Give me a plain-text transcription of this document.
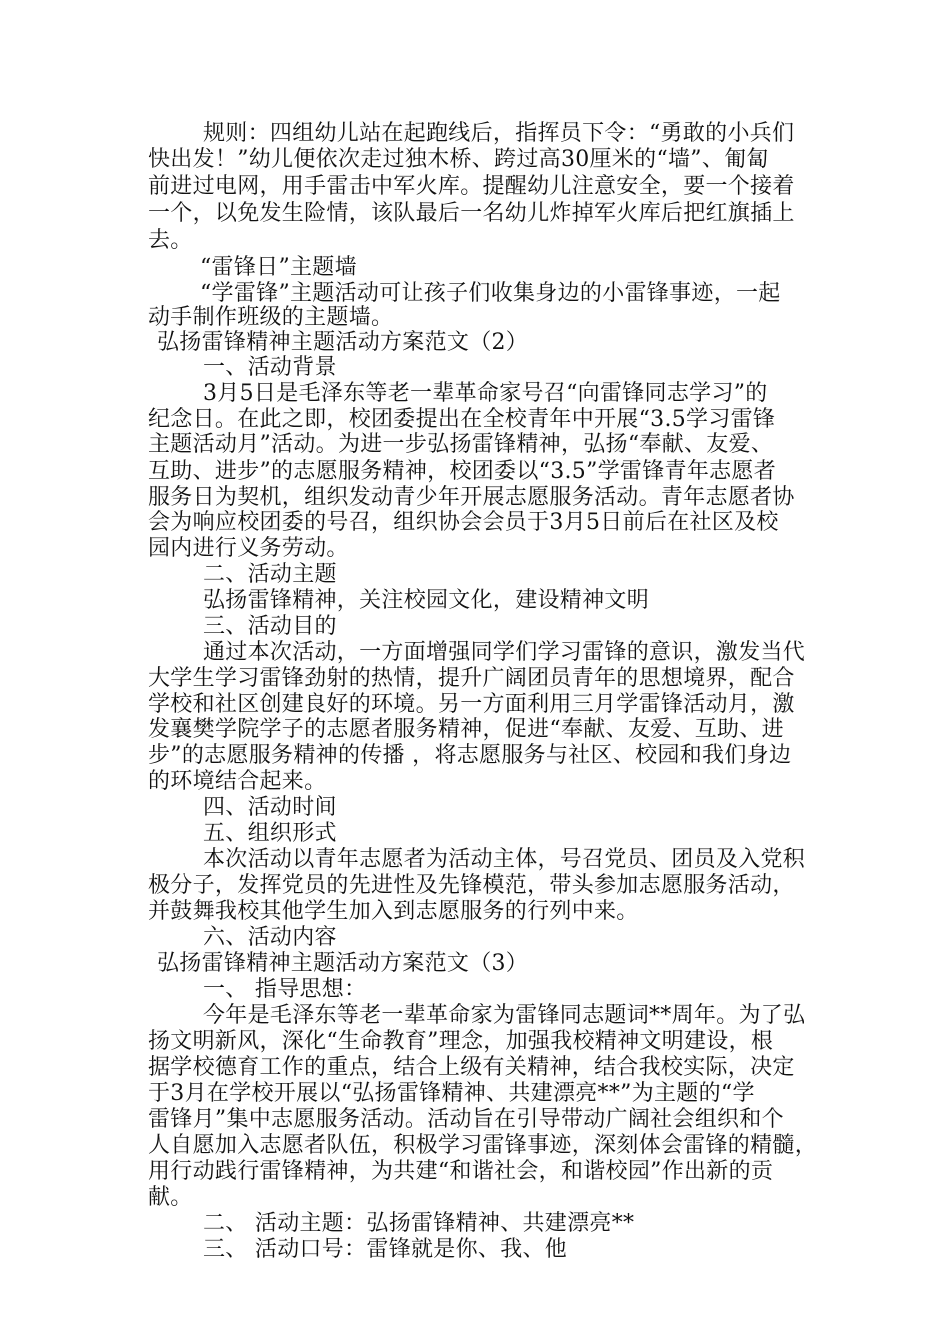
规则：四组幼儿站在起跑线后，指挥员下令：“勇敢的小兵们
快出发！”幼儿便依次走过独木桥、跨过高30厘米的“墙”、匍匐
前进过电网，用手雷击中军火库。提醒幼儿注意安全，要一个接着
一个，以免发生险情，该队最后一名幼儿炸掉军火库后把红旗插上
去。
“雷锋日”主题墙
“学雷锋”主题活动可让孩子们收集身边的小雷锋事迹，一起
动手制作班级的主题墙。
弘扬雷锋精神主题活动方案范文（2）
一、活动背景
3月5日是毛泽东等老一辈革命家号召“向雷锋同志学习”的
纪念日。在此之即，校团委提出在全校青年中开展“3.5学习雷锋
主题活动月”活动。为进一步弘扬雷锋精神，弘扬“奉献、友爱、
互助、进步”的志愿服务精神，校团委以“3.5”学雷锋青年志愿者
服务日为契机，组织发动青少年开展志愿服务活动。青年志愿者协
会为响应校团委的号召，组织协会会员于3月5日前后在社区及校
园内进行义务劳动。
二、活动主题
弘扬雷锋精神，关注校园文化，建设精神文明
三、活动目的
通过本次活动，一方面增强同学们学习雷锋的意识，激发当代
大学生学习雷锋劲射的热情，提升广阔团员青年的思想境界，配合
学校和社区创建良好的环境。另一方面利用三月学雷锋活动月，激
发襄樊学院学子的志愿者服务精神，促进“奉献、友爱、互助、进
步”的志愿服务精神的传播 ，将志愿服务与社区、校园和我们身边
的环境结合起来。
四、活动时间
五、组织形式
本次活动以青年志愿者为活动主体，号召党员、团员及入党积
极分子，发挥党员的先进性及先锋模范，带头参加志愿服务活动，
并鼓舞我校其他学生加入到志愿服务的行列中来。
六、活动内容
弘扬雷锋精神主题活动方案范文（3）
一、 指导思想：
今年是毛泽东等老一辈革命家为雷锋同志题词**周年。为了弘
扬文明新风，深化“生命教育”理念，加强我校精神文明建设，根
据学校德育工作的重点，结合上级有关精神，结合我校实际，决定
于3月在学校开展以“弘扬雷锋精神、共建漂亮**”为主题的“学
雷锋月”集中志愿服务活动。活动旨在引导带动广阔社会组织和个
人自愿加入志愿者队伍，积极学习雷锋事迹，深刻体会雷锋的精髓，
用行动践行雷锋精神，为共建“和谐社会，和谐校园”作出新的贡
献。
二、 活动主题：弘扬雷锋精神、共建漂亮**
三、 活动口号：雷锋就是你、我、他
